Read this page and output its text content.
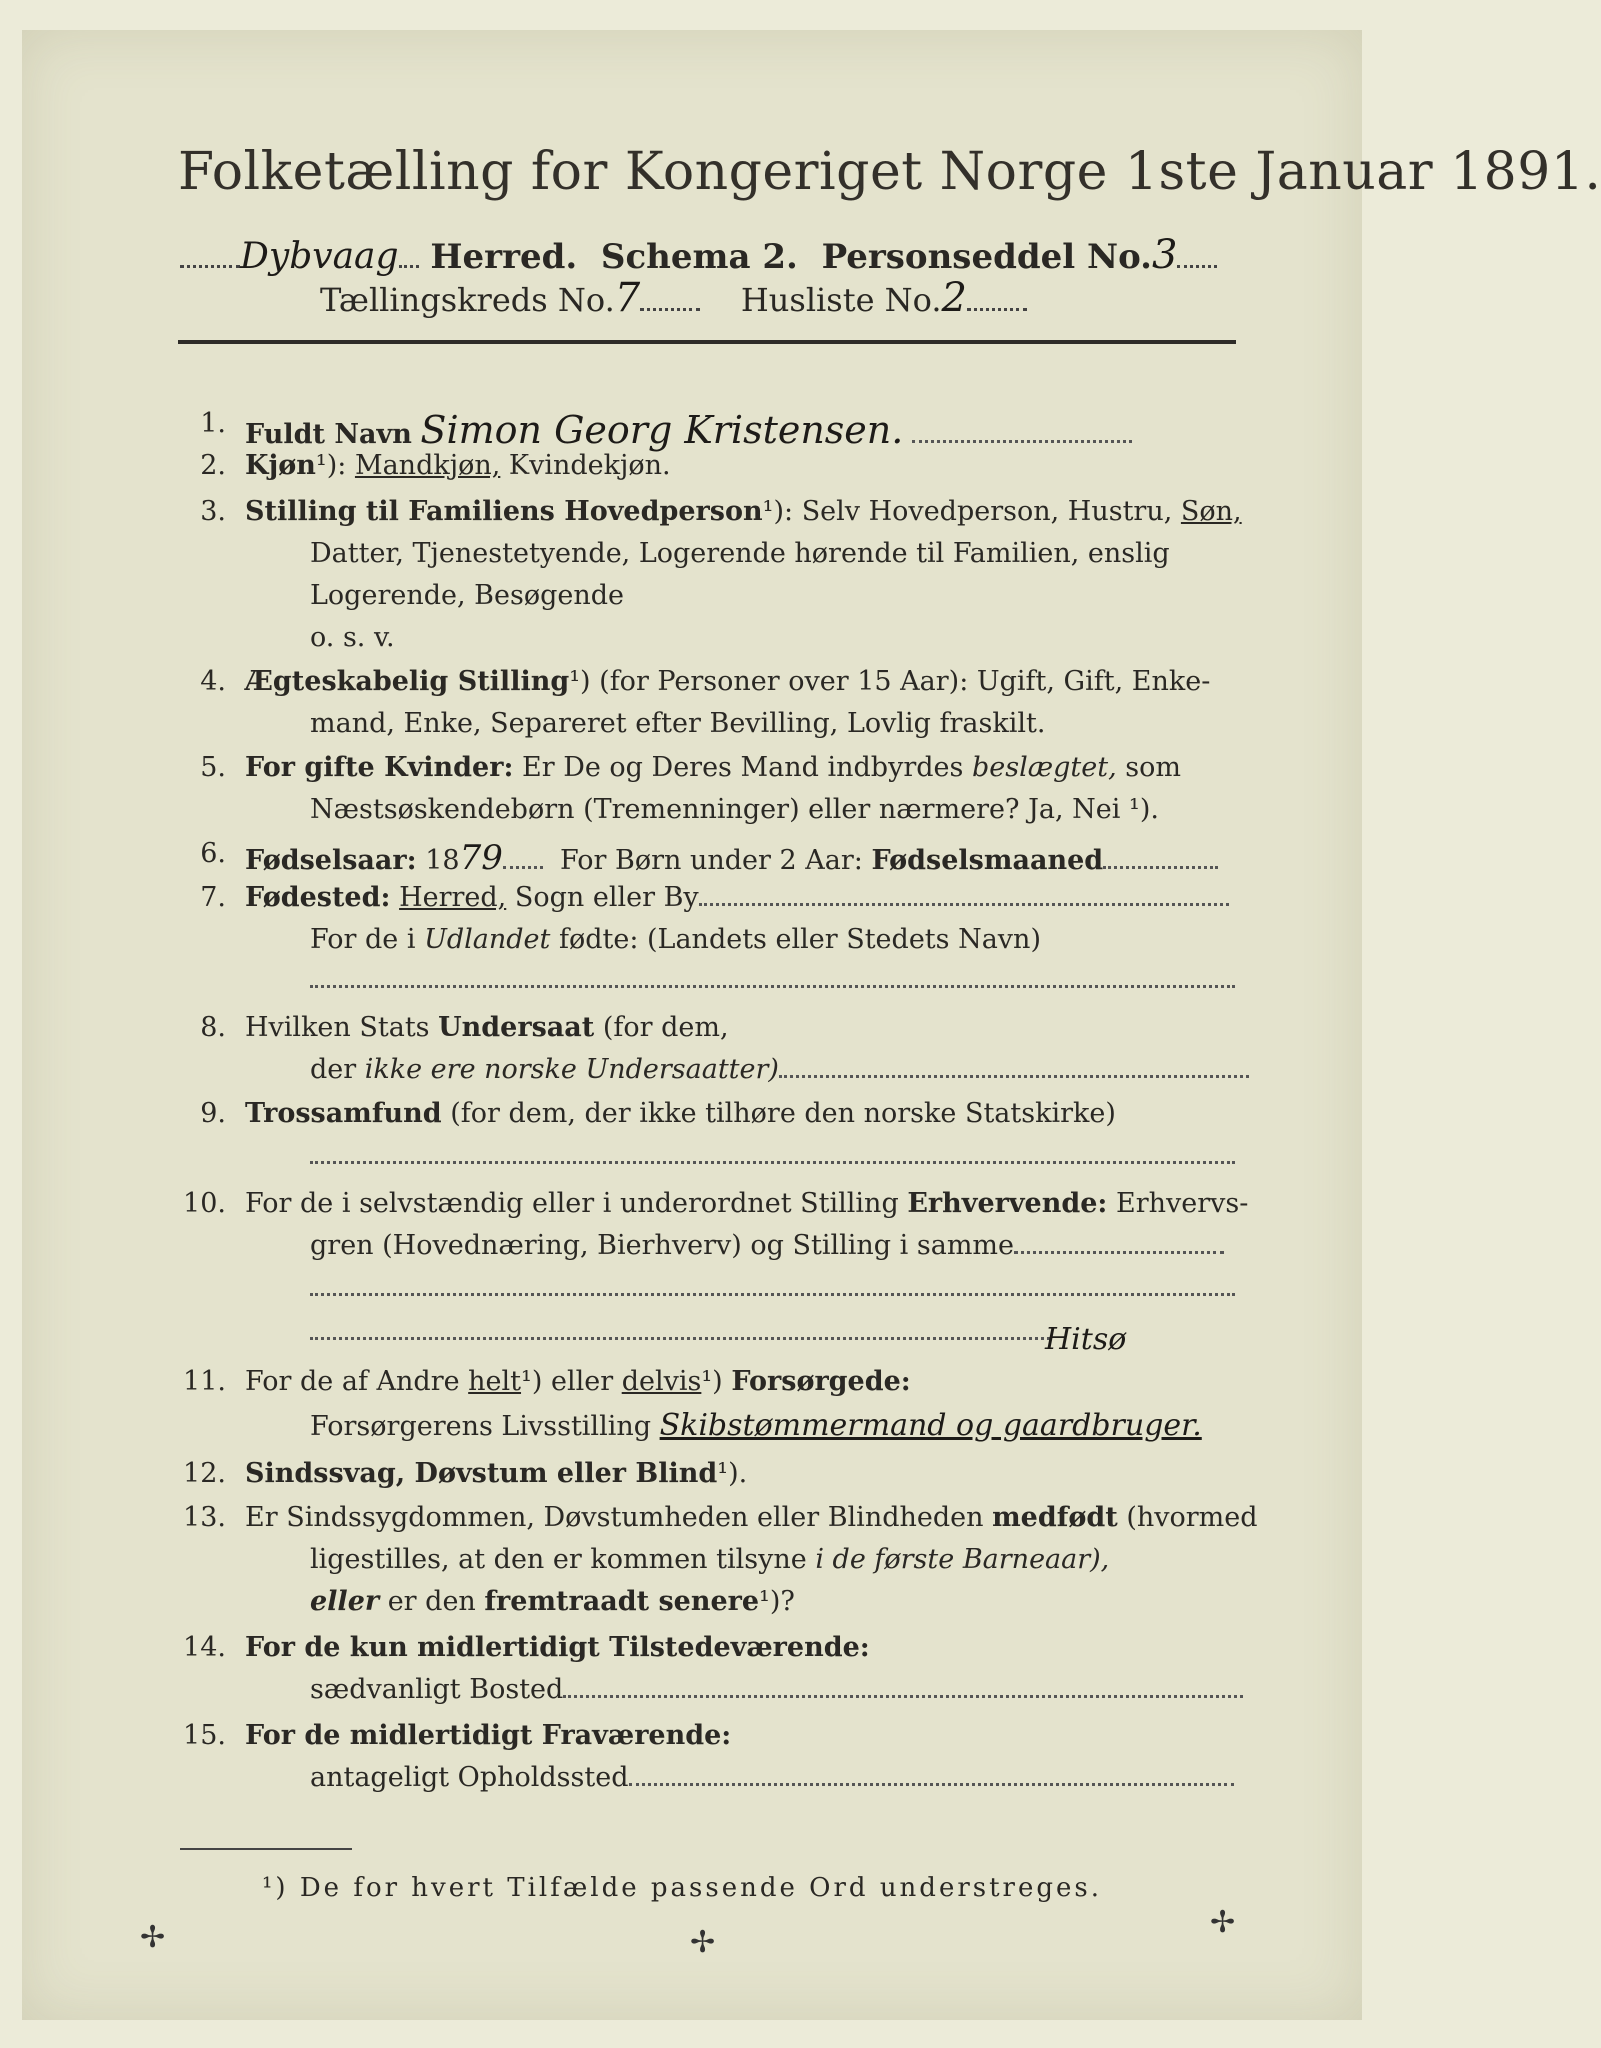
Folketælling for Kongeriget Norge 1ste Januar 1891.
Dybvaag Herred. Schema 2. Personseddel No.3
Tællingskreds No.7	Husliste No.2
1. Fuldt Navn Simon Georg Kristensen.
2. Kjøn¹): Mandkjøn, Kvindekjøn.
3. Stilling til Familiens Hovedperson¹): Selv Hovedperson, Hustru, Søn,
Datter, Tjenestetyende, Logerende hørende til Familien, enslig
Logerende, Besøgende
o. s. v.
4. Ægteskabelig Stilling¹) (for Personer over 15 Aar): Ugift, Gift, Enke-
mand, Enke, Separeret efter Bevilling, Lovlig fraskilt.
5. For gifte Kvinder: Er De og Deres Mand indbyrdes beslægtet, som
Næstsøskendebørn (Tremenninger) eller nærmere? Ja, Nei ¹).
6. Fødselsaar: 1879 For Børn under 2 Aar: Fødselsmaaned
7. Fødested: Herred, Sogn eller By
For de i Udlandet fødte: (Landets eller Stedets Navn)
8. Hvilken Stats Undersaat (for dem,
der ikke ere norske Undersaatter)
9. Trossamfund (for dem, der ikke tilhøre den norske Statskirke)
10. For de i selvstændig eller i underordnet Stilling Erhvervende: Erhvervs-
gren (Hovednæring, Bierhverv) og Stilling i samme
11. For de af Andre helt¹) eller delvis¹) Forsørgede:
Hitsø
Forsørgerens Livsstilling Skibstømmermand og gaardbruger.
12. Sindssvag, Døvstum eller Blind¹).
13. Er Sindssygdommen, Døvstumheden eller Blindheden medfødt (hvormed
ligestilles, at den er kommen tilsyne i de første Barneaar),
eller er den fremtraadt senere¹)?
14. For de kun midlertidigt Tilstedeværende:
sædvanligt Bosted
15. For de midlertidigt Fraværende:
antageligt Opholdssted
¹) De for hvert Tilfælde passende Ord understreges.
✢	✢
✢
